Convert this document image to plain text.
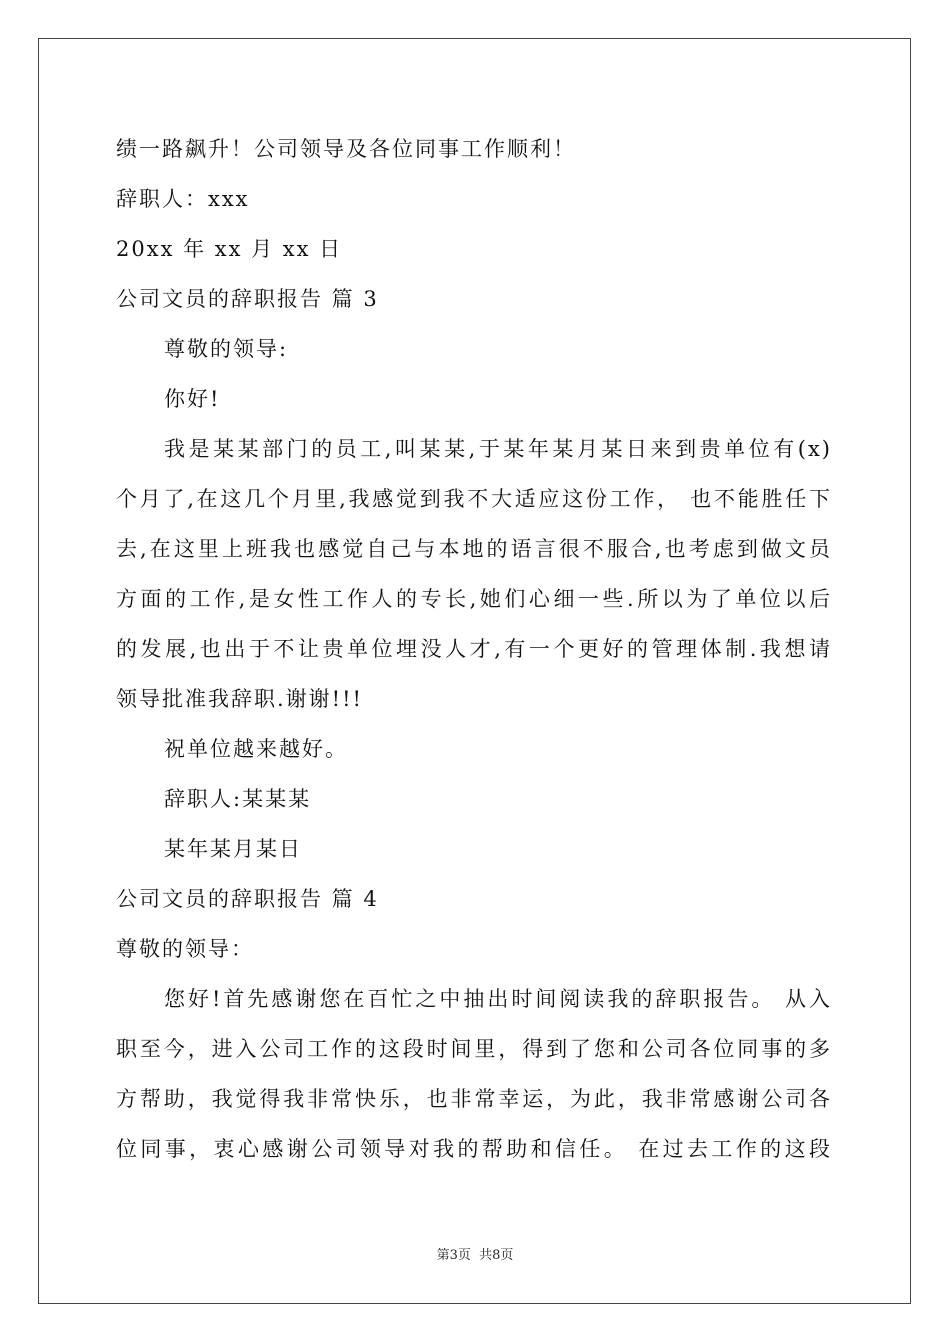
绩一路飙升！公司领导及各位同事工作顺利！
辞职人：xxx
20xx 年 xx 月 xx 日
公司文员的辞职报告 篇 3
尊敬的领导:
你好!
我是某某部门的员工,叫某某,于某年某月某日来到贵单位有(x)
个月了,在这几个月里,我感觉到我不大适应这份工作， 也不能胜任下
去,在这里上班我也感觉自己与本地的语言很不服合,也考虑到做文员
方面的工作,是女性工作人的专长,她们心细一些.所以为了单位以后
的发展,也出于不让贵单位埋没人才,有一个更好的管理体制.我想请
领导批准我辞职.谢谢!!!
祝单位越来越好。
辞职人:某某某
某年某月某日
公司文员的辞职报告 篇 4
尊敬的领导：
您好!首先感谢您在百忙之中抽出时间阅读我的辞职报告。 从入
职至今，进入公司工作的这段时间里，得到了您和公司各位同事的多
方帮助，我觉得我非常快乐，也非常幸运，为此，我非常感谢公司各
位同事，衷心感谢公司领导对我的帮助和信任。 在过去工作的这段
第3页 共8页
